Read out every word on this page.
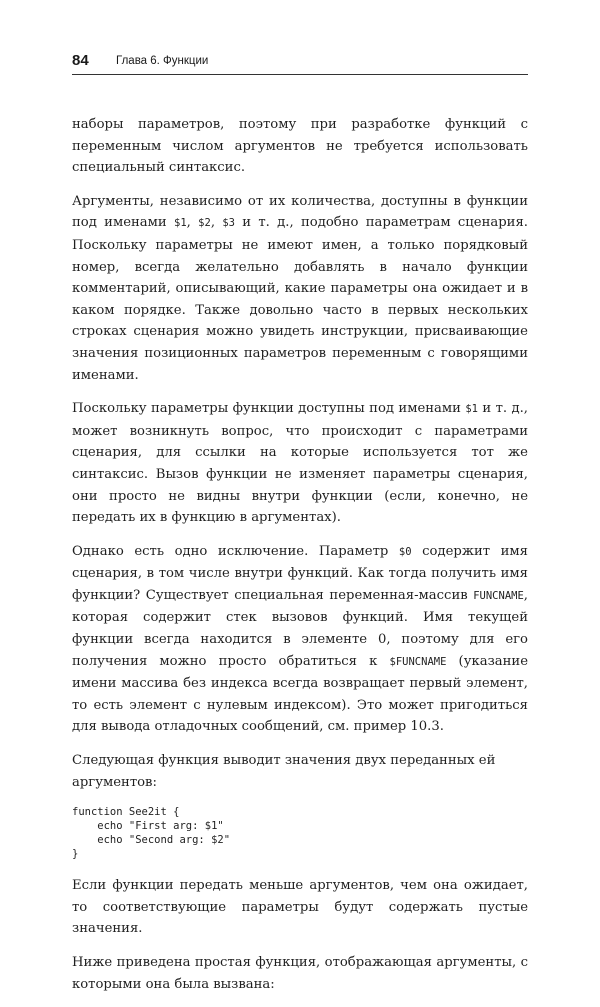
84 Глава 6. Функции

наборы параметров, поэтому при разработке функций с переменным числом аргументов не требуется использовать специальный синтаксис.

Аргументы, независимо от их количества, доступны в функции под именами $1, $2, $3 и т. д., подобно параметрам сценария. Поскольку параметры не имеют имен, а только порядковый номер, всегда желательно добавлять в начало функции комментарий, описывающий, какие параметры она ожидает и в каком порядке. Также довольно часто в первых нескольких строках сценария можно увидеть инструкции, присваивающие значения позиционных параметров переменным с говорящими именами.

Поскольку параметры функции доступны под именами $1 и т. д., может возникнуть вопрос, что происходит с параметрами сценария, для ссылки на которые используется тот же синтаксис. Вызов функции не изменяет параметры сценария, они просто не видны внутри функции (если, конечно, не передать их в функцию в аргументах).

Однако есть одно исключение. Параметр $0 содержит имя сценария, в том числе внутри функций. Как тогда получить имя функции? Существует специальная переменная-массив FUNCNAME, которая содержит стек вызовов функций. Имя текущей функции всегда находится в элементе 0, поэтому для его получения можно просто обратиться к $FUNCNAME (указание имени массива без индекса всегда возвращает первый элемент, то есть элемент с нулевым индексом). Это может пригодиться для вывода отладочных сообщений, см. пример 10.3.

Следующая функция выводит значения двух переданных ей аргументов:

function See2it {
echo "First arg: $1"
echo "Second arg: $2"
}

Если функции передать меньше аргументов, чем она ожидает, то соответствующие параметры будут содержать пустые значения.

Ниже приведена простая функция, отображающая аргументы, с которыми она была вызвана:
